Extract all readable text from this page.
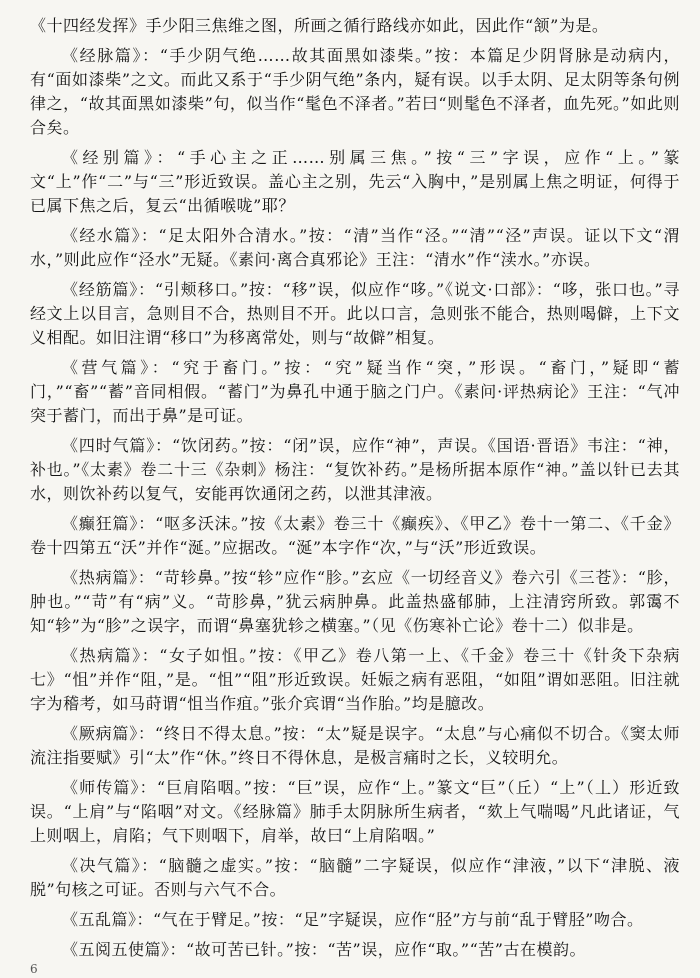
《十四经发挥》手少阳三焦维之图，所画之循行路线亦如此，因此作“颔”为是。

《经脉篇》：“手少阴气绝……故其面黑如漆柴。”按：本篇足少阴肾脉是动病内，有“面如漆柴”之文。而此又系于“手少阴气绝”条内，疑有误。以手太阴、足太阴等条句例律之，“故其面黑如漆柴”句，似当作“髦色不泽者。”若曰“则髦色不泽者，血先死。”如此则合矣。

《经别篇》：“手心主之正……别属三焦。”按“三”字误，应作“上。”篆文“上”作“二”与“三”形近致误。盖心主之别，先云“入胸中，”是别属上焦之明证，何得于已属下焦之后，复云“出循喉咙”耶？

《经水篇》：“足太阳外合清水。”按：“清”当作“泾。”“清”“泾”声误。证以下文“渭水，”则此应作“泾水”无疑。《素问·离合真邪论》王注：“清水”作“渎水。”亦误。

《经筋篇》：“引颊移口。”按：“移”误，似应作“哆。”《说文·口部》：“哆，张口也。”寻经文上以目言，急则目不合，热则目不开。此以口言，急则张不能合，热则喝僻，上下文义相配。如旧注谓“移口”为移离常处，则与“故僻”相复。

《营气篇》：“究于畜门。”按：“究”疑当作“突，”形误。“畜门，”疑即“蓄门，”“畜”“蓄”音同相假。“蓄门”为鼻孔中通于脑之门户。《素问·评热病论》王注：“气冲突于蓄门，而出于鼻”是可证。

《四时气篇》：“饮闭药。”按：“闭”误，应作“神”，声误。《国语·晋语》韦注：“神，补也。”《太素》卷二十三《杂刺》杨注：“复饮补药。”是杨所据本原作“神。”盖以针已去其水，则饮补药以复气，安能再饮通闭之药，以泄其津液。

《癫狂篇》：“呕多沃沫。”按《太素》卷三十《癫疾》、《甲乙》卷十一第二、《千金》卷十四第五“沃”并作“涎。”应据改。“涎”本字作“次，”与“沃”形近致误。

《热病篇》：“苛轸鼻。”按“轸”应作“胗。”玄应《一切经音义》卷六引《三苍》：“胗，肿也。”“苛”有“病”义。“苛胗鼻，”犹云病肿鼻。此盖热盛郁肺，上注清窍所致。郭霭不知“轸”为“胗”之误字，而谓“鼻塞犹轸之横塞。”（见《伤寒补亡论》卷十二）似非是。

《热病篇》：“女子如怚。”按：《甲乙》卷八第一上、《千金》卷三十《针灸下杂病七》“怚”并作“阻，”是。“怚”“阻”形近致误。妊娠之病有恶阻，“如阻”谓如恶阻。旧注就字为稽考，如马莳谓“怚当作疽。”张介宾谓“当作胎。”均是臆改。

《厥病篇》：“终日不得太息。”按：“太”疑是误字。“太息”与心痛似不切合。《窦太师流注指要赋》引“太”作“休。”终日不得休息，是极言痛时之长，义较明允。

《师传篇》：“巨肩陷咽。”按：“巨”误，应作“上。”篆文“巨”（丘）“上”（丄）形近致误。“上肩”与“陷咽”对文。《经脉篇》肺手太阴脉所生病者，“欬上气喘喝”凡此诸证，气上则咽上，肩陷；气下则咽下，肩举，故曰“上肩陷咽。”

《决气篇》：“脑髓之虚实。”按：“脑髓”二字疑误，似应作“津液，”以下“津脱、液脱”句核之可证。否则与六气不合。

《五乱篇》：“气在于臂足。”按：“足”字疑误，应作“胫”方与前“乱于臂胫”吻合。

《五阅五使篇》：“故可苦已针。”按：“苦”误，应作“取。”“苦”古在模韵。

6
